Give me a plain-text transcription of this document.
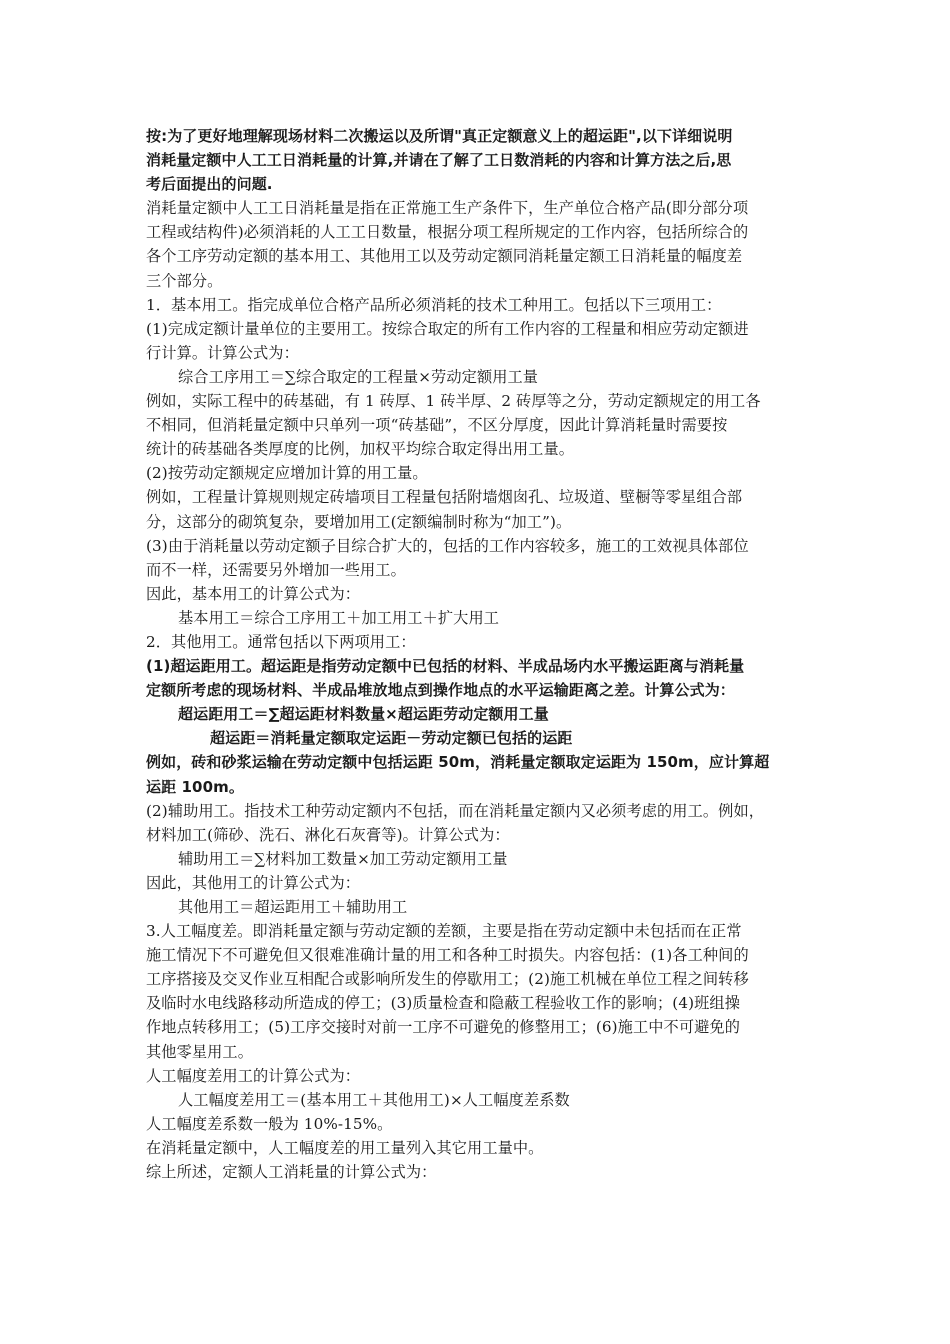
按:为了更好地理解现场材料二次搬运以及所谓"真正定额意义上的超运距",以下详细说明
消耗量定额中人工工日消耗量的计算,并请在了解了工日数消耗的内容和计算方法之后,思
考后面提出的问题.
消耗量定额中人工工日消耗量是指在正常施工生产条件下，生产单位合格产品(即分部分项
工程或结构件)必须消耗的人工工日数量，根据分项工程所规定的工作内容，包括所综合的
各个工序劳动定额的基本用工、其他用工以及劳动定额同消耗量定额工日消耗量的幅度差
三个部分。
1．基本用工。指完成单位合格产品所必须消耗的技术工种用工。包括以下三项用工：
(1)完成定额计量单位的主要用工。按综合取定的所有工作内容的工程量和相应劳动定额进
行计算。计算公式为：
综合工序用工＝∑综合取定的工程量×劳动定额用工量
例如，实际工程中的砖基础，有 1 砖厚、1 砖半厚、2 砖厚等之分，劳动定额规定的用工各
不相同，但消耗量定额中只单列一项“砖基础”，不区分厚度，因此计算消耗量时需要按
统计的砖基础各类厚度的比例，加权平均综合取定得出用工量。
(2)按劳动定额规定应增加计算的用工量。
例如，工程量计算规则规定砖墙项目工程量包括附墙烟囱孔、垃圾道、壁橱等零星组合部
分，这部分的砌筑复杂，要增加用工(定额编制时称为“加工”)。
(3)由于消耗量以劳动定额子目综合扩大的，包括的工作内容较多，施工的工效视具体部位
而不一样，还需要另外增加一些用工。
因此，基本用工的计算公式为：
基本用工＝综合工序用工＋加工用工＋扩大用工
2．其他用工。通常包括以下两项用工：
(1)超运距用工。超运距是指劳动定额中已包括的材料、半成品场内水平搬运距离与消耗量
定额所考虑的现场材料、半成品堆放地点到操作地点的水平运输距离之差。计算公式为：
超运距用工＝∑超运距材料数量×超运距劳动定额用工量
超运距＝消耗量定额取定运距－劳动定额已包括的运距
例如，砖和砂浆运输在劳动定额中包括运距 50m，消耗量定额取定运距为 150m，应计算超
运距 100m。
(2)辅助用工。指技术工种劳动定额内不包括，而在消耗量定额内又必须考虑的用工。例如，
材料加工(筛砂、洗石、淋化石灰膏等)。计算公式为：
辅助用工＝∑材料加工数量×加工劳动定额用工量
因此，其他用工的计算公式为：
其他用工＝超运距用工＋辅助用工
3.人工幅度差。即消耗量定额与劳动定额的差额，主要是指在劳动定额中未包括而在正常
施工情况下不可避免但又很难准确计量的用工和各种工时损失。内容包括：(1)各工种间的
工序搭接及交叉作业互相配合或影响所发生的停歇用工；(2)施工机械在单位工程之间转移
及临时水电线路移动所造成的停工；(3)质量检查和隐蔽工程验收工作的影响；(4)班组操
作地点转移用工；(5)工序交接时对前一工序不可避免的修整用工；(6)施工中不可避免的
其他零星用工。
人工幅度差用工的计算公式为：
人工幅度差用工＝(基本用工＋其他用工)×人工幅度差系数
人工幅度差系数一般为 10%-15%。
在消耗量定额中，人工幅度差的用工量列入其它用工量中。
综上所述，定额人工消耗量的计算公式为：
